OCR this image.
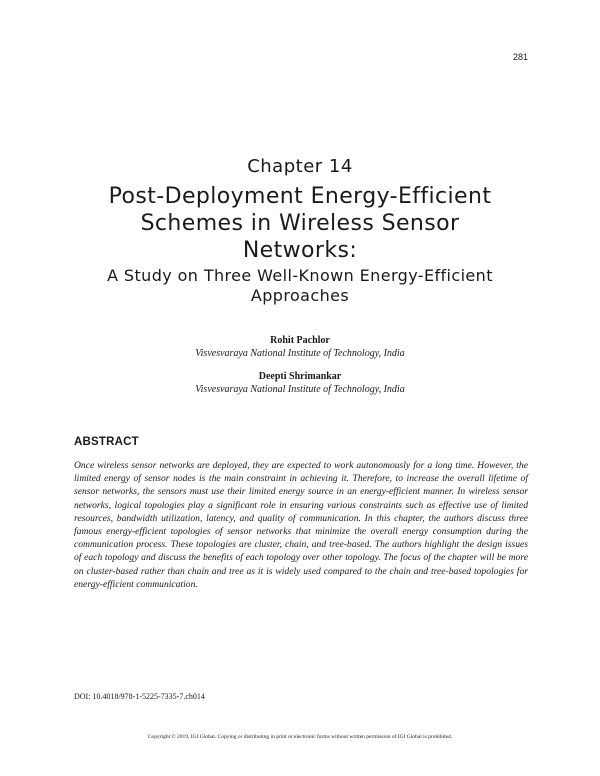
281
Chapter 14
Post-Deployment Energy-Efficient Schemes in Wireless Sensor Networks:
A Study on Three Well-Known Energy-Efficient Approaches
Rohit Pachlor
Visvesvaraya National Institute of Technology, India
Deepti Shrimankar
Visvesvaraya National Institute of Technology, India
ABSTRACT

Once wireless sensor networks are deployed, they are expected to work autonomously for a long time. However, the limited energy of sensor nodes is the main constraint in achieving it. Therefore, to increase the overall lifetime of sensor networks, the sensors must use their limited energy source in an energy-efficient manner. In wireless sensor networks, logical topologies play a significant role in ensuring various constraints such as effective use of limited resources, bandwidth utilization, latency, and quality of communication. In this chapter, the authors discuss three famous energy-efficient topologies of sensor networks that minimize the overall energy consumption during the communication process. These topologies are cluster, chain, and tree-based. The authors highlight the design issues of each topology and discuss the benefits of each topology over other topology. The focus of the chapter will be more on cluster-based rather than chain and tree as it is widely used compared to the chain and tree-based topologies for energy-efficient communication.

DOI: 10.4018/978-1-5225-7335-7.ch014
Copyright © 2019, IGI Global. Copying or distributing in print or electronic forms without written permission of IGI Global is prohibited.
